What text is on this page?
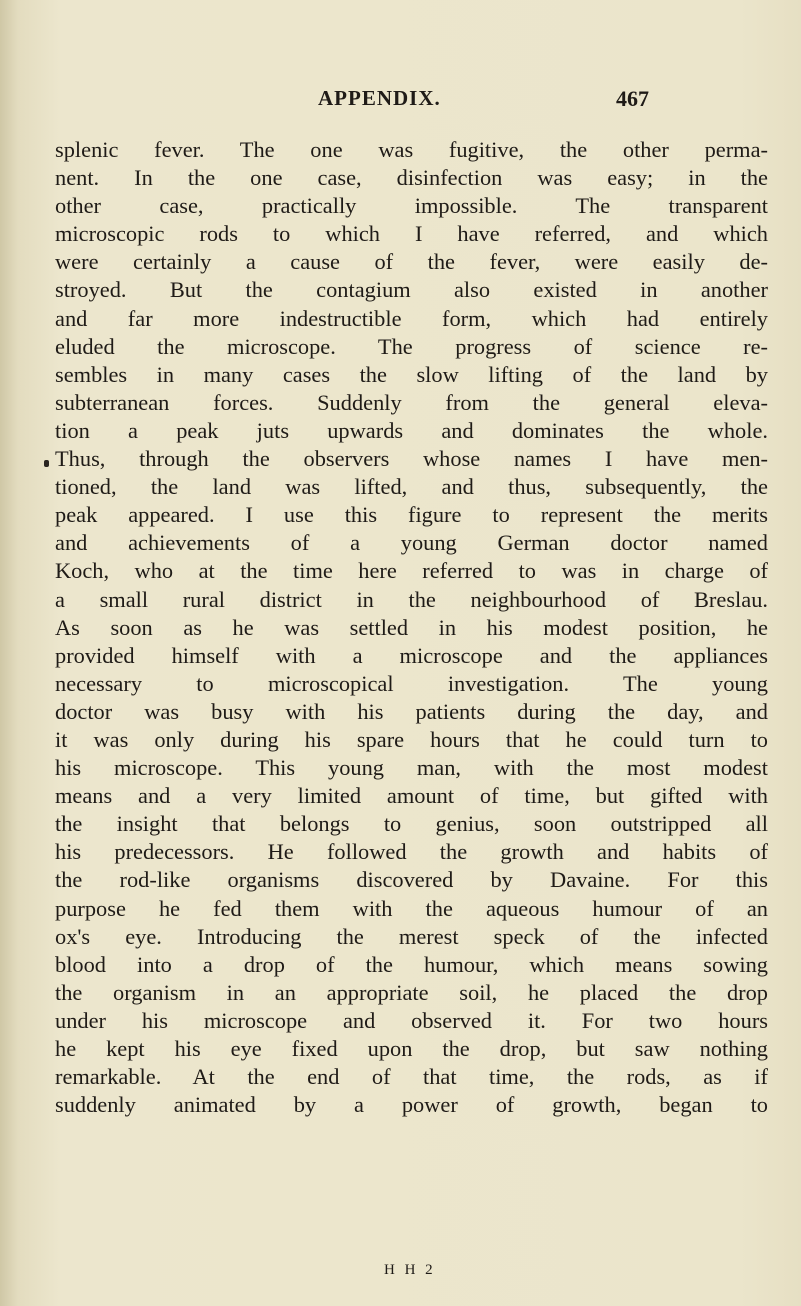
APPENDIX.	467
splenic fever. The one was fugitive, the other perma-
nent. In the one case, disinfection was easy; in the
other case, practically impossible. The transparent
microscopic rods to which I have referred, and which
were certainly a cause of the fever, were easily de-
stroyed. But the contagium also existed in another
and far more indestructible form, which had entirely
eluded the microscope. The progress of science re-
sembles in many cases the slow lifting of the land by
subterranean forces. Suddenly from the general eleva-
tion a peak juts upwards and dominates the whole.
Thus, through the observers whose names I have men-
tioned, the land was lifted, and thus, subsequently, the
peak appeared. I use this figure to represent the merits
and achievements of a young German doctor named
Koch, who at the time here referred to was in charge of
a small rural district in the neighbourhood of Breslau.
As soon as he was settled in his modest position, he
provided himself with a microscope and the appliances
necessary to microscopical investigation. The young
doctor was busy with his patients during the day, and
it was only during his spare hours that he could turn to
his microscope. This young man, with the most modest
means and a very limited amount of time, but gifted with
the insight that belongs to genius, soon outstripped all
his predecessors. He followed the growth and habits of
the rod-like organisms discovered by Davaine. For this
purpose he fed them with the aqueous humour of an
ox's eye. Introducing the merest speck of the infected
blood into a drop of the humour, which means sowing
the organism in an appropriate soil, he placed the drop
under his microscope and observed it. For two hours
he kept his eye fixed upon the drop, but saw nothing
remarkable. At the end of that time, the rods, as if
suddenly animated by a power of growth, began to
H H 2
